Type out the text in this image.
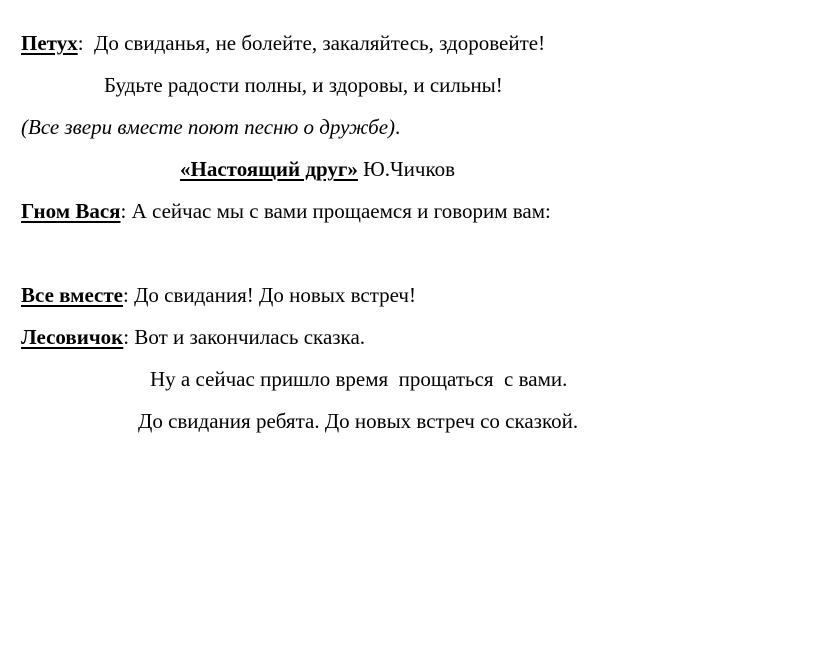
Петух:  До свиданья, не болейте, закаляйтесь, здоровейте!

Будьте радости полны, и здоровы, и сильны!

(Все звери вместе поют песню о дружбе).

«Настоящий друг» Ю.Чичков

Гном Вася: А сейчас мы с вами прощаемся и говорим вам:

Все вместе: До свидания! До новых встреч!

Лесовичок: Вот и закончилась сказка.

Ну а сейчас пришло время  прощаться  с вами.

До свидания ребята. До новых встреч со сказкой.
